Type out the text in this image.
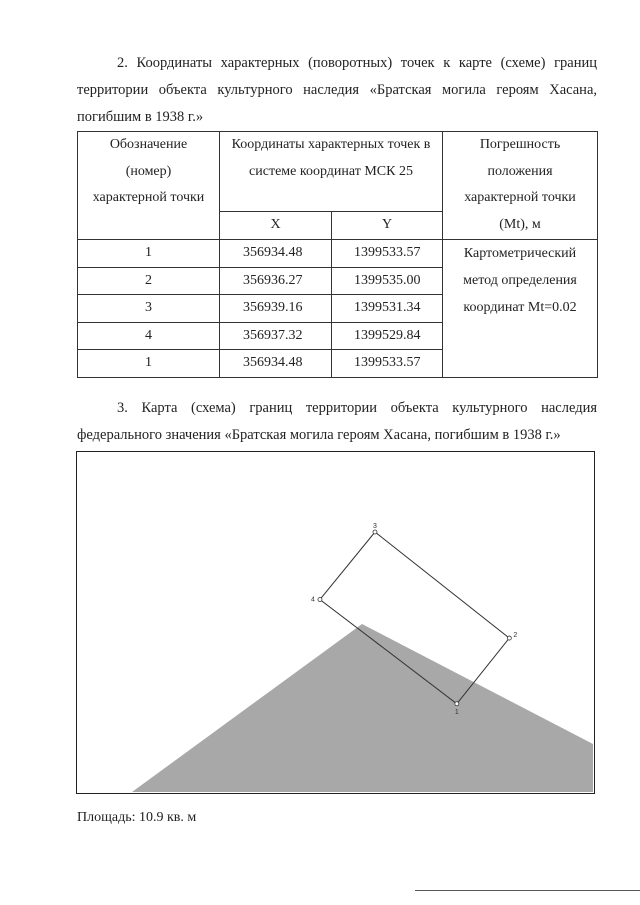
2. Координаты характерных (поворотных) точек к карте (схеме) границ территории объекта культурного наследия «Братская могила героям Хасана, погибшим в 1938 г.»
Обозначение (номер) характерной точки	Координаты характерных точек в системе координат МСК 25		Погрешность положения характерной точки (Mt), м
	X	Y	
1	356934.48	1399533.57	Картометрический метод определения координат Mt=0.02
2	356936.27	1399535.00	
3	356939.16	1399531.34	
4	356937.32	1399529.84	
1	356934.48	1399533.57	
3. Карта (схема) границ территории объекта культурного наследия федерального значения «Братская могила героям Хасана, погибшим в 1938 г.»
1
2
3
4
Площадь: 10.9 кв. м
